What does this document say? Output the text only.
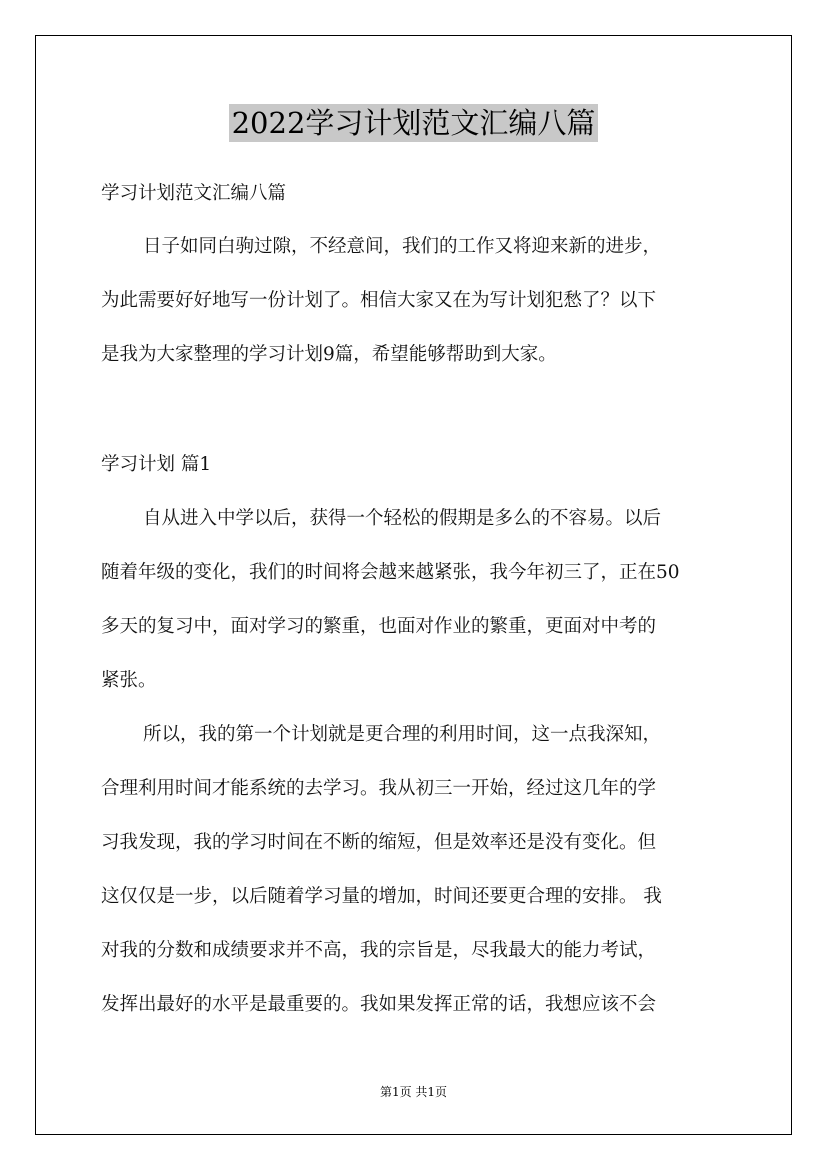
2022学习计划范文汇编八篇
学习计划范文汇编八篇
日子如同白驹过隙，不经意间，我们的工作又将迎来新的进步，
为此需要好好地写一份计划了。相信大家又在为写计划犯愁了？以下
是我为大家整理的学习计划9篇，希望能够帮助到大家。
学习计划 篇1
自从进入中学以后，获得一个轻松的假期是多么的不容易。以后
随着年级的变化，我们的时间将会越来越紧张，我今年初三了，正在50
多天的复习中，面对学习的繁重，也面对作业的繁重，更面对中考的
紧张。
所以，我的第一个计划就是更合理的利用时间，这一点我深知，
合理利用时间才能系统的去学习。我从初三一开始，经过这几年的学
习我发现，我的学习时间在不断的缩短，但是效率还是没有变化。但
这仅仅是一步，以后随着学习量的增加，时间还要更合理的安排。 我
对我的分数和成绩要求并不高，我的宗旨是，尽我最大的能力考试，
发挥出最好的水平是最重要的。我如果发挥正常的话，我想应该不会
第1页 共1页
